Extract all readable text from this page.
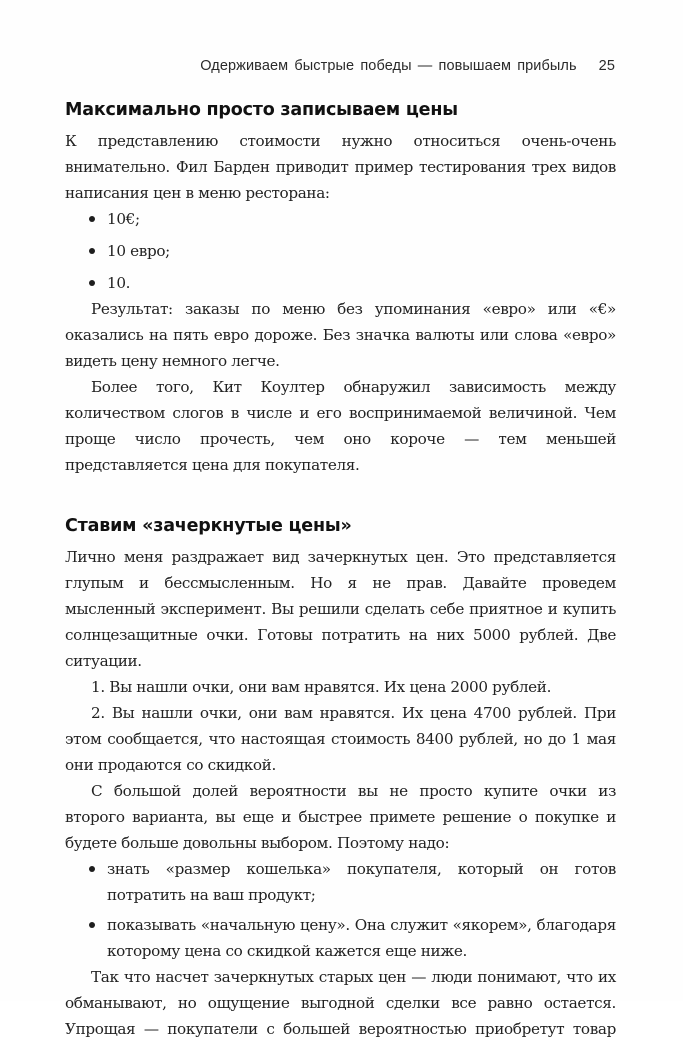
Одерживаем быстрые победы — повышаем прибыль 25
Максимально просто записываем цены

К представлению стоимости нужно относиться очень-очень внимательно. Фил Барден приводит пример тестирования трех видов написания цен в меню ресторана:

10€;
10 евро;
10.

Результат: заказы по меню без упоминания «евро» или «€» оказались на пять евро дороже. Без значка валюты или слова «евро» видеть цену немного легче.

Более того, Кит Коултер обнаружил зависимость между количеством слогов в числе и его воспринимаемой величиной. Чем проще число прочесть, чем оно короче — тем меньшей представляется цена для покупателя.

Ставим «зачеркнутые цены»

Лично меня раздражает вид зачеркнутых цен. Это представляется глупым и бессмысленным. Но я не прав. Давайте проведем мысленный эксперимент. Вы решили сделать себе приятное и купить солнцезащитные очки. Готовы потратить на них 5000 рублей. Две ситуации.

1. Вы нашли очки, они вам нравятся. Их цена 2000 рублей.

2. Вы нашли очки, они вам нравятся. Их цена 4700 рублей. При этом сообщается, что настоящая стоимость 8400 рублей, но до 1 мая они продаются со скидкой.

С большой долей вероятности вы не просто купите очки из второго варианта, вы еще и быстрее примете решение о покупке и будете больше довольны выбором. Поэтому надо:

знать «размер кошелька» покупателя, который он готов потратить на ваш продукт;
показывать «начальную цену». Она служит «якорем», благодаря которому цена со скидкой кажется еще ниже.

Так что насчет зачеркнутых старых цен — люди понимают, что их обманывают, но ощущение выгодной сделки все равно остается. Упрощая — покупатели с большей вероятностью приобретут товар
